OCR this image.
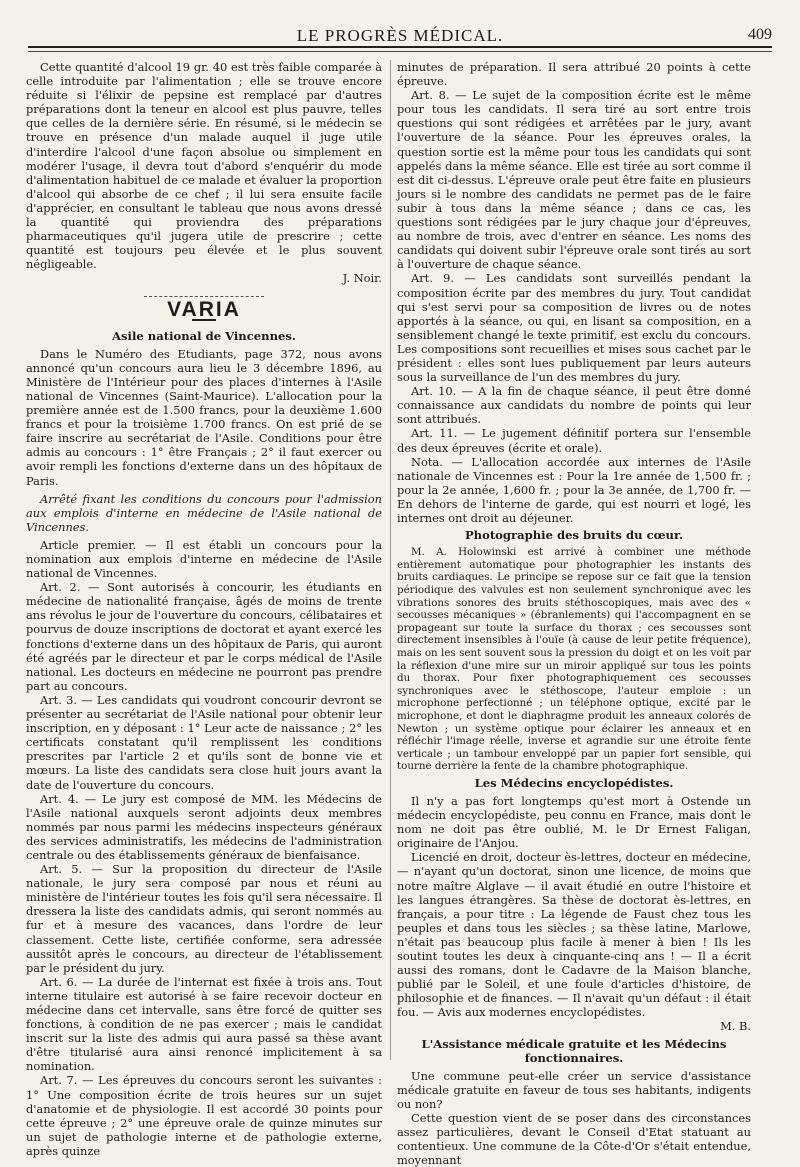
LE PROGRÈS MÉDICAL.	409

Cette quantité d'alcool 19 gr. 40 est très faible comparée à celle introduite par l'alimentation ; elle se trouve encore réduite si l'élixir de pepsine est remplacé par d'autres préparations dont la teneur en alcool est plus pauvre, telles que celles de la dernière série. En résumé, si le médecin se trouve en présence d'un malade auquel il juge utile d'interdire l'alcool d'une façon absolue ou simplement en modérer l'usage, il devra tout d'abord s'enquérir du mode d'alimentation habituel de ce malade et évaluer la proportion d'alcool qui absorbe de ce chef ; il lui sera ensuite facile d'apprécier, en consultant le tableau que nous avons dressé la quantité qui proviendra des préparations pharmaceutiques qu'il jugera utile de prescrire ; cette quantité est toujours peu élevée et le plus souvent négligeable.

J. Noir.

VARIA
Asile national de Vincennes.

Dans le Numéro des Etudiants, page 372, nous avons annoncé qu'un concours aura lieu le 3 décembre 1896, au Ministère de l'Intérieur pour des places d'internes à l'Asile national de Vincennes (Saint-Maurice). L'allocation pour la première année est de 1.500 francs, pour la deuxième 1.600 francs et pour la troisième 1.700 francs. On est prié de se faire inscrire au secrétariat de l'Asile. Conditions pour être admis au concours : 1° être Français ; 2° il faut exercer ou avoir rempli les fonctions d'externe dans un des hôpitaux de Paris.

Arrêté fixant les conditions du concours pour l'admission aux emplois d'interne en médecine de l'Asile national de Vincennes.

Article premier. — Il est établi un concours pour la nomination aux emplois d'interne en médecine de l'Asile national de Vincennes.

Art. 2. — Sont autorisés à concourir, les étudiants en médecine de nationalité française, âgés de moins de trente ans révolus le jour de l'ouverture du concours, célibataires et pourvus de douze inscriptions de doctorat et ayant exercé les fonctions d'externe dans un des hôpitaux de Paris, qui auront été agréés par le directeur et par le corps médical de l'Asile national. Les docteurs en médecine ne pourront pas prendre part au concours.

Art. 3. — Les candidats qui voudront concourir devront se présenter au secrétariat de l'Asile national pour obtenir leur inscription, en y déposant : 1° Leur acte de naissance ; 2° les certificats constatant qu'il remplissent les conditions prescrites par l'article 2 et qu'ils sont de bonne vie et mœurs. La liste des candidats sera close huit jours avant la date de l'ouverture du concours.

Art. 4. — Le jury est composé de MM. les Médecins de l'Asile national auxquels seront adjoints deux membres nommés par nous parmi les médecins inspecteurs généraux des services administratifs, les médecins de l'administration centrale ou des établissements généraux de bienfaisance.

Art. 5. — Sur la proposition du directeur de l'Asile nationale, le jury sera composé par nous et réuni au ministère de l'intérieur toutes les fois qu'il sera nécessaire. Il dressera la liste des candidats admis, qui seront nommés au fur et à mesure des vacances, dans l'ordre de leur classement. Cette liste, certifiée conforme, sera adressée aussitôt après le concours, au directeur de l'établissement par le président du jury.

Art. 6. — La durée de l'internat est fixée à trois ans. Tout interne titulaire est autorisé à se faire recevoir docteur en médecine dans cet intervalle, sans être forcé de quitter ses fonctions, à condition de ne pas exercer ; mais le candidat inscrit sur la liste des admis qui aura passé sa thèse avant d'être titularisé aura ainsi renoncé implicitement à sa nomination.

Art. 7. — Les épreuves du concours seront les suivantes : 1° Une composition écrite de trois heures sur un sujet d'anatomie et de physiologie. Il est accordé 30 points pour cette épreuve ; 2° une épreuve orale de quinze minutes sur un sujet de pathologie interne et de pathologie externe, après quinze

minutes de préparation. Il sera attribué 20 points à cette épreuve.

Art. 8. — Le sujet de la composition écrite est le même pour tous les candidats. Il sera tiré au sort entre trois questions qui sont rédigées et arrêtées par le jury, avant l'ouverture de la séance. Pour les épreuves orales, la question sortie est la même pour tous les candidats qui sont appelés dans la même séance. Elle est tirée au sort comme il est dit ci-dessus. L'épreuve orale peut être faite en plusieurs jours si le nombre des candidats ne permet pas de le faire subir à tous dans la même séance ; dans ce cas, les questions sont rédigées par le jury chaque jour d'épreuves, au nombre de trois, avec d'entrer en séance. Les noms des candidats qui doivent subir l'épreuve orale sont tirés au sort à l'ouverture de chaque séance.

Art. 9. — Les candidats sont surveillés pendant la composition écrite par des membres du jury. Tout candidat qui s'est servi pour sa composition de livres ou de notes apportés à la séance, ou qui, en lisant sa composition, en a sensiblement changé le texte primitif, est exclu du concours. Les compositions sont recueillies et mises sous cachet par le président : elles sont lues publiquement par leurs auteurs sous la surveillance de l'un des membres du jury.

Art. 10. — A la fin de chaque séance, il peut être donné connaissance aux candidats du nombre de points qui leur sont attribués.

Art. 11. — Le jugement définitif portera sur l'ensemble des deux épreuves (écrite et orale).

Nota. — L'allocation accordée aux internes de l'Asile nationale de Vincennes est : Pour la 1re année de 1,500 fr. ; pour la 2e année, 1,600 fr. ; pour la 3e année, de 1,700 fr. — En dehors de l'interne de garde, qui est nourri et logé, les internes ont droit au déjeuner.

Photographie des bruits du cœur.

M. A. Holowinski est arrivé à combiner une méthode entièrement automatique pour photographier les instants des bruits cardiaques. Le principe se repose sur ce fait que la tension périodique des valvules est non seulement synchronique avec les vibrations sonores des bruits stéthoscopiques, mais avec des « secousses mécaniques » (ébranlements) qui l'accompagnent en se propageant sur toute la surface du thorax ; ces secousses sont directement insensibles à l'ouïe (à cause de leur petite fréquence), mais on les sent souvent sous la pression du doigt et on les voit par la réflexion d'une mire sur un miroir appliqué sur tous les points du thorax. Pour fixer photographiquement ces secousses synchroniques avec le stéthoscope, l'auteur emploie : un microphone perfectionné ; un téléphone optique, excité par le microphone, et dont le diaphragme produit les anneaux colorés de Newton ; un système optique pour éclairer les anneaux et en réfléchir l'image réelle, inverse et agrandie sur une étroite fente verticale ; un tambour enveloppé par un papier fort sensible, qui tourne derrière la fente de la chambre photographique.

Les Médecins encyclopédistes.

Il n'y a pas fort longtemps qu'est mort à Ostende un médecin encyclopédiste, peu connu en France, mais dont le nom ne doit pas être oublié, M. le Dr Ernest Faligan, originaire de l'Anjou.

Licencié en droit, docteur ès-lettres, docteur en médecine, — n'ayant qu'un doctorat, sinon une licence, de moins que notre maître Alglave — il avait étudié en outre l'histoire et les langues étrangères. Sa thèse de doctorat ès-lettres, en français, a pour titre : La légende de Faust chez tous les peuples et dans tous les siècles ; sa thèse latine, Marlowe, n'était pas beaucoup plus facile à mener à bien ! Ils les soutint toutes les deux à cinquante-cinq ans ! — Il a écrit aussi des romans, dont le Cadavre de la Maison blanche, publié par le Soleil, et une foule d'articles d'histoire, de philosophie et de finances. — Il n'avait qu'un défaut : il était fou. — Avis aux modernes encyclopédistes.

M. B.

L'Assistance médicale gratuite et les Médecins fonctionnaires.

Une commune peut-elle créer un service d'assistance médicale gratuite en faveur de tous ses habitants, indigents ou non?

Cette question vient de se poser dans des circonstances assez particulières, devant le Conseil d'Etat statuant au contentieux. Une commune de la Côte-d'Or s'était entendue, moyennant
